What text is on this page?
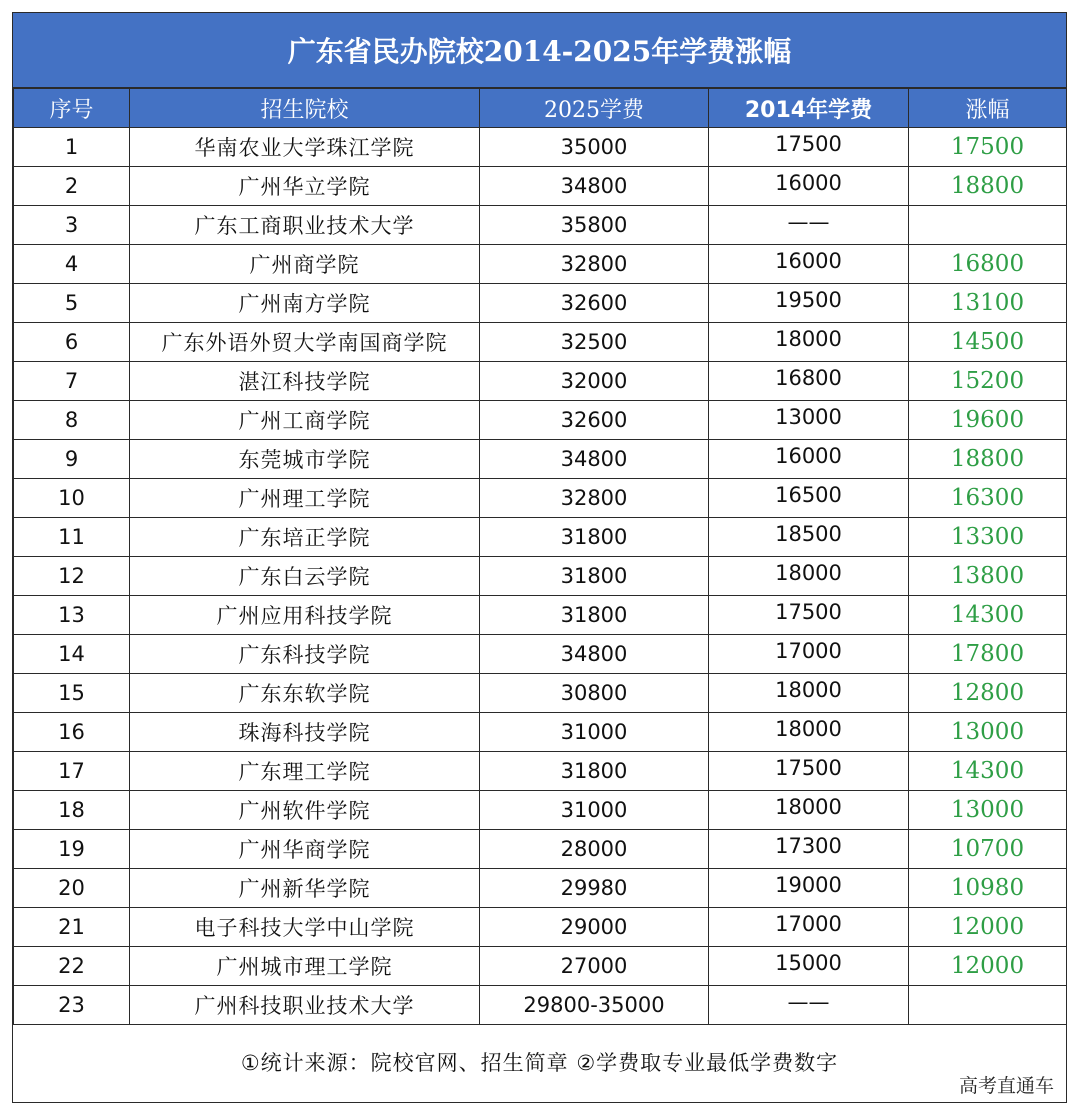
广东省民办院校2014-2025年学费涨幅
序号	招生院校	2025学费	2014年学费	涨幅
1	华南农业大学珠江学院	35000	17500	17500
2	广州华立学院	34800	16000	18800
3	广东工商职业技术大学	35800	——	
4	广州商学院	32800	16000	16800
5	广州南方学院	32600	19500	13100
6	广东外语外贸大学南国商学院	32500	18000	14500
7	湛江科技学院	32000	16800	15200
8	广州工商学院	32600	13000	19600
9	东莞城市学院	34800	16000	18800
10	广州理工学院	32800	16500	16300
11	广东培正学院	31800	18500	13300
12	广东白云学院	31800	18000	13800
13	广州应用科技学院	31800	17500	14300
14	广东科技学院	34800	17000	17800
15	广东东软学院	30800	18000	12800
16	珠海科技学院	31000	18000	13000
17	广东理工学院	31800	17500	14300
18	广州软件学院	31000	18000	13000
19	广州华商学院	28000	17300	10700
20	广州新华学院	29980	19000	10980
21	电子科技大学中山学院	29000	17000	12000
22	广州城市理工学院	27000	15000	12000
23	广州科技职业技术大学	29800-35000	——	
①统计来源：院校官网、招生简章 ②学费取专业最低学费数字
高考直通车
